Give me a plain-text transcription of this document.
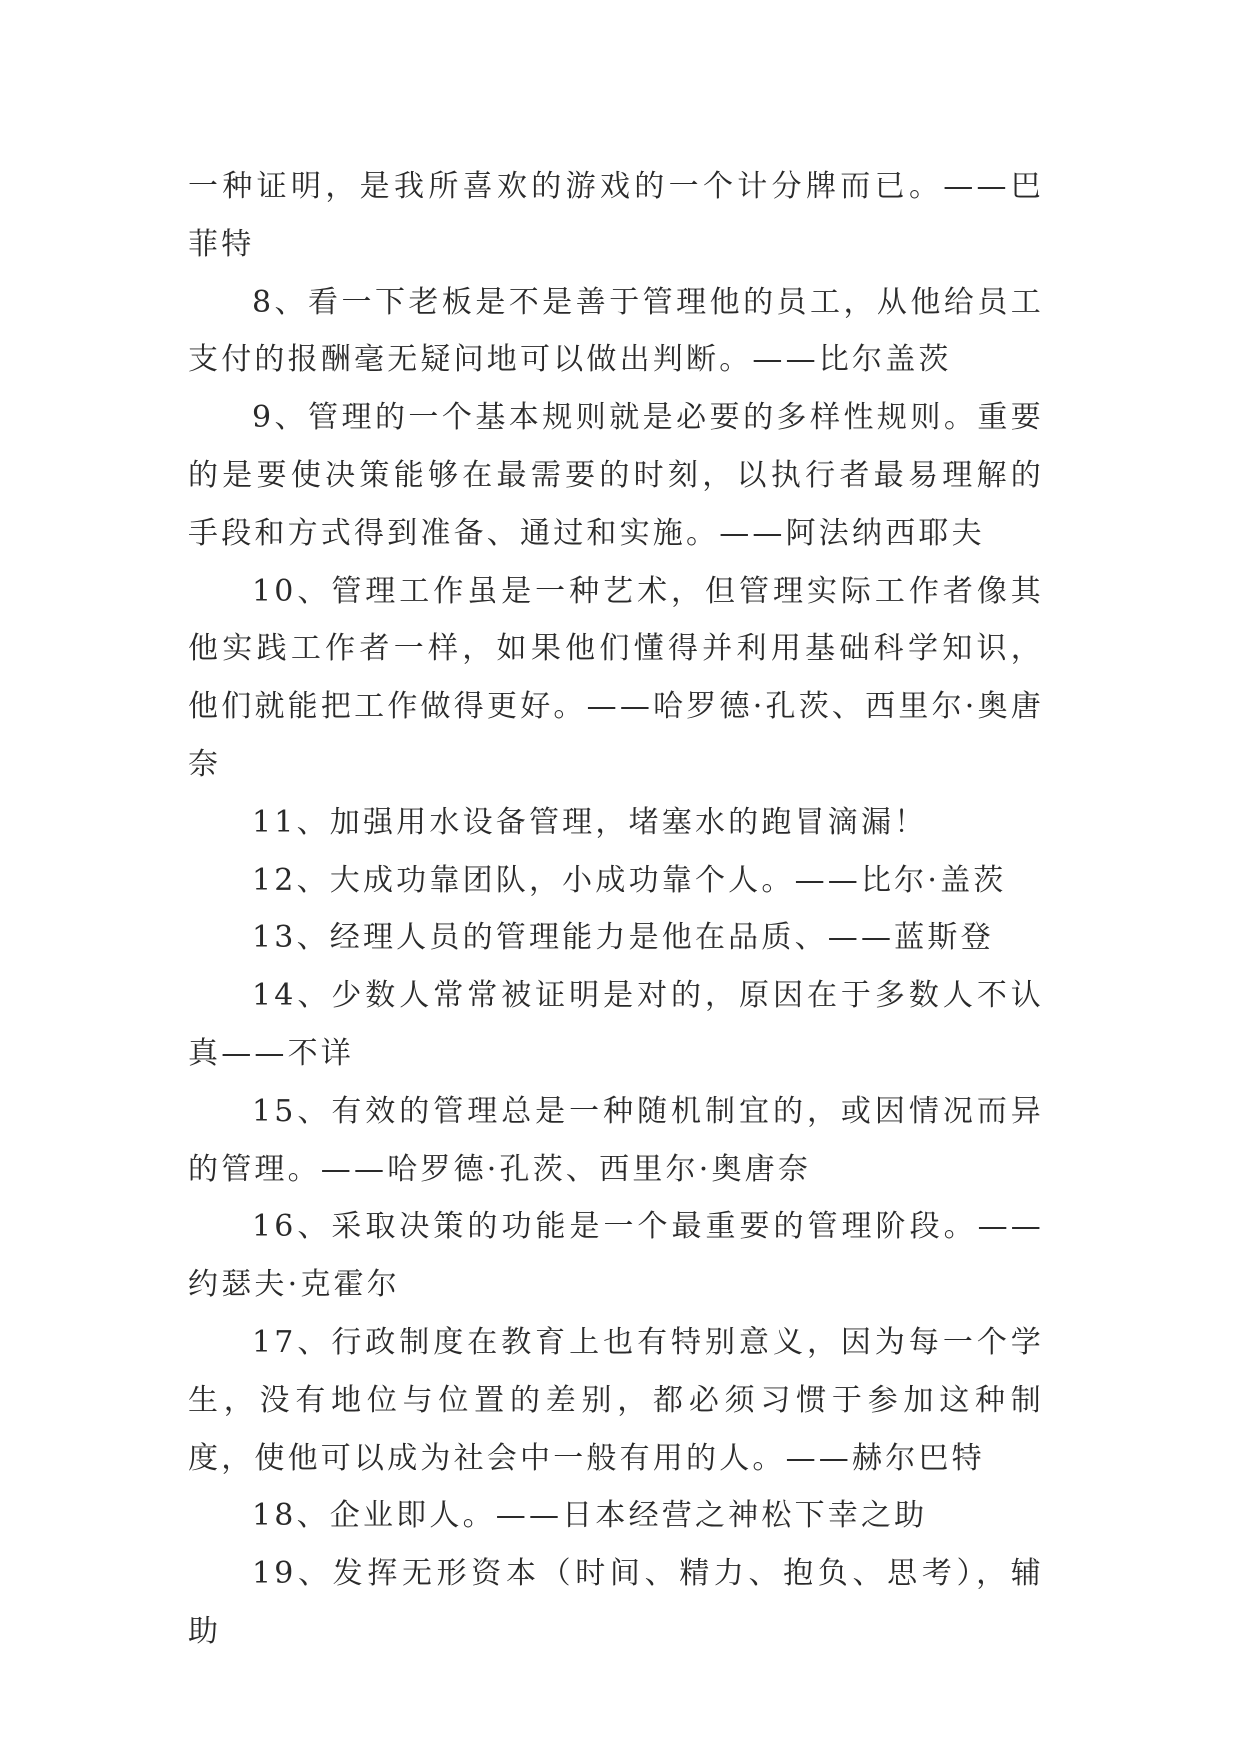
一种证明，是我所喜欢的游戏的一个计分牌而已。——巴菲特

8、看一下老板是不是善于管理他的员工，从他给员工支付的报酬毫无疑问地可以做出判断。——比尔盖茨

9、管理的一个基本规则就是必要的多样性规则。重要的是要使决策能够在最需要的时刻，以执行者最易理解的手段和方式得到准备、通过和实施。——阿法纳西耶夫

10、管理工作虽是一种艺术，但管理实际工作者像其他实践工作者一样，如果他们懂得并利用基础科学知识，他们就能把工作做得更好。——哈罗德·孔茨、西里尔·奥唐奈

11、加强用水设备管理，堵塞水的跑冒滴漏！

12、大成功靠团队，小成功靠个人。——比尔·盖茨

13、经理人员的管理能力是他在品质、——蓝斯登

14、少数人常常被证明是对的，原因在于多数人不认真——不详

15、有效的管理总是一种随机制宜的，或因情况而异的管理。——哈罗德·孔茨、西里尔·奥唐奈

16、采取决策的功能是一个最重要的管理阶段。——约瑟夫·克霍尔

17、行政制度在教育上也有特别意义，因为每一个学生，没有地位与位置的差别，都必须习惯于参加这种制度，使他可以成为社会中一般有用的人。——赫尔巴特

18、企业即人。——日本经营之神松下幸之助

19、发挥无形资本（时间、精力、抱负、思考），辅助
